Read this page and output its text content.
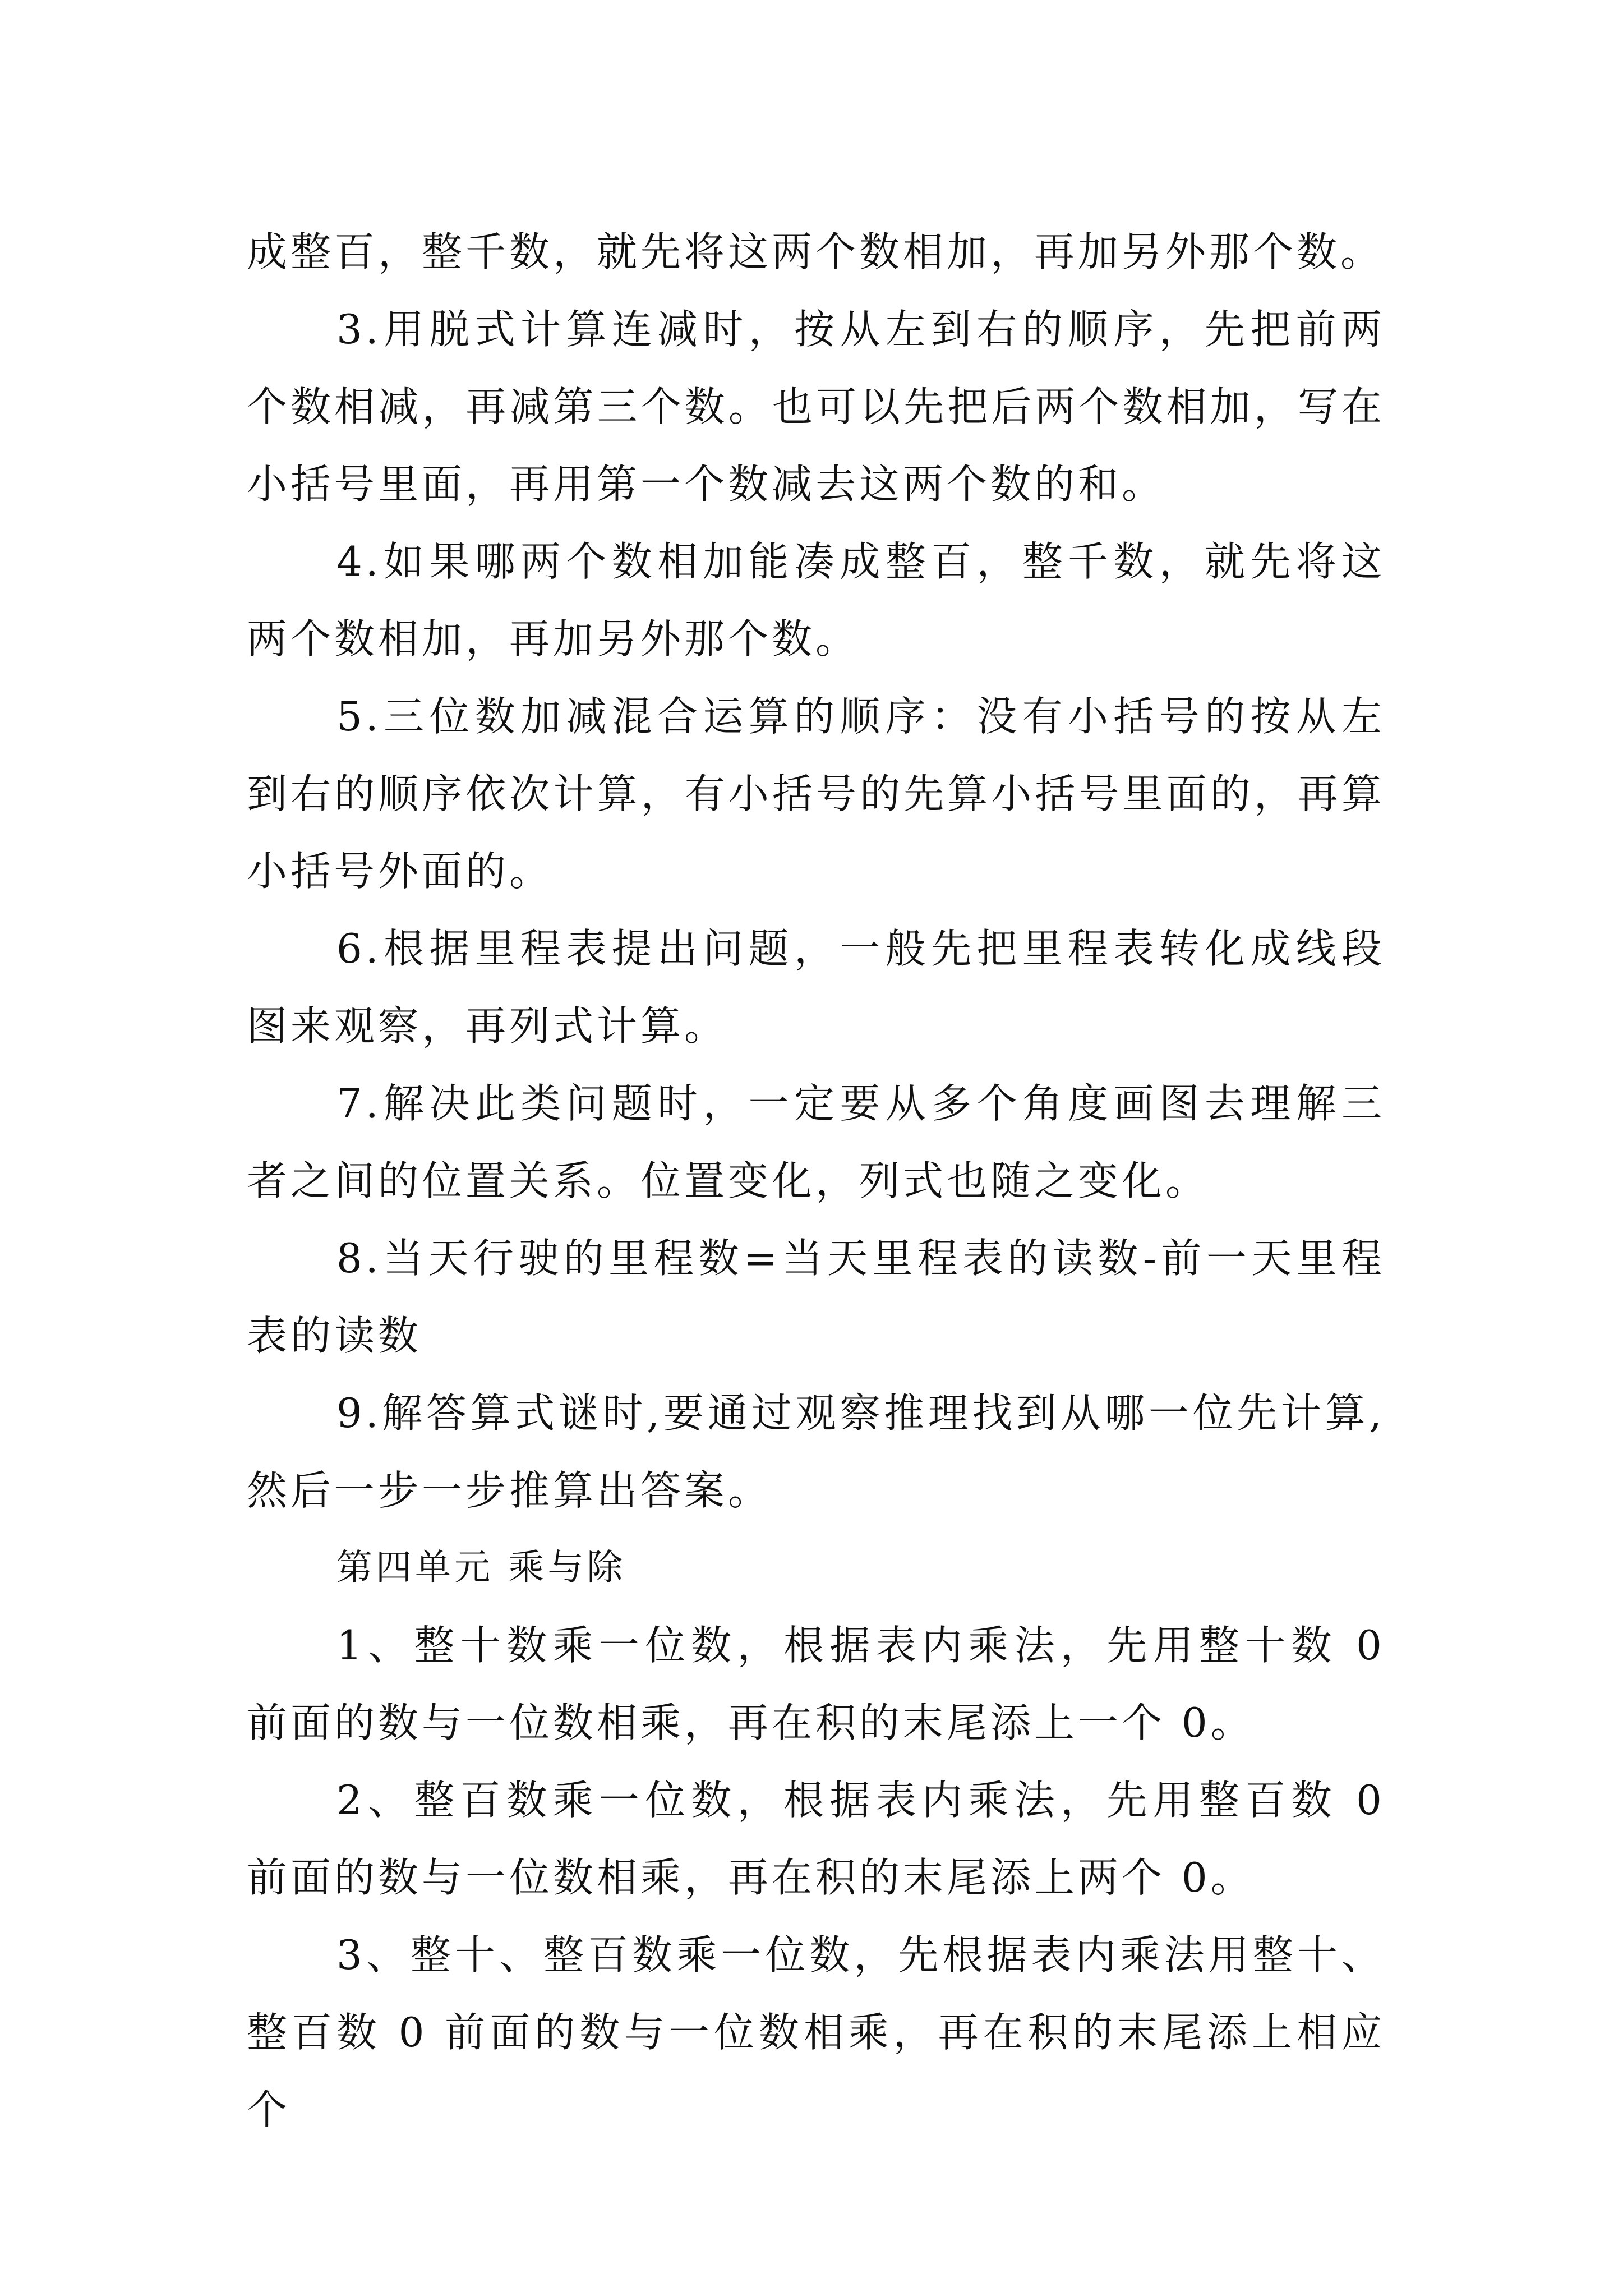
成整百，整千数，就先将这两个数相加，再加另外那个数。

3.用脱式计算连减时，按从左到右的顺序，先把前两个数相减，再减第三个数。也可以先把后两个数相加，写在小括号里面，再用第一个数减去这两个数的和。

4.如果哪两个数相加能凑成整百，整千数，就先将这两个数相加，再加另外那个数。

5.三位数加减混合运算的顺序：没有小括号的按从左到右的顺序依次计算，有小括号的先算小括号里面的，再算小括号外面的。

6.根据里程表提出问题，一般先把里程表转化成线段图来观察，再列式计算。

7.解决此类问题时，一定要从多个角度画图去理解三者之间的位置关系。位置变化，列式也随之变化。

8.当天行驶的里程数=当天里程表的读数-前一天里程表的读数

9.解答算式谜时,要通过观察推理找到从哪一位先计算,然后一步一步推算出答案。

第四单元 乘与除

1、整十数乘一位数，根据表内乘法，先用整十数 0 前面的数与一位数相乘，再在积的末尾添上一个 0。

2、整百数乘一位数，根据表内乘法，先用整百数 0 前面的数与一位数相乘，再在积的末尾添上两个 0。

3、整十、整百数乘一位数，先根据表内乘法用整十、整百数 0 前面的数与一位数相乘，再在积的末尾添上相应个
